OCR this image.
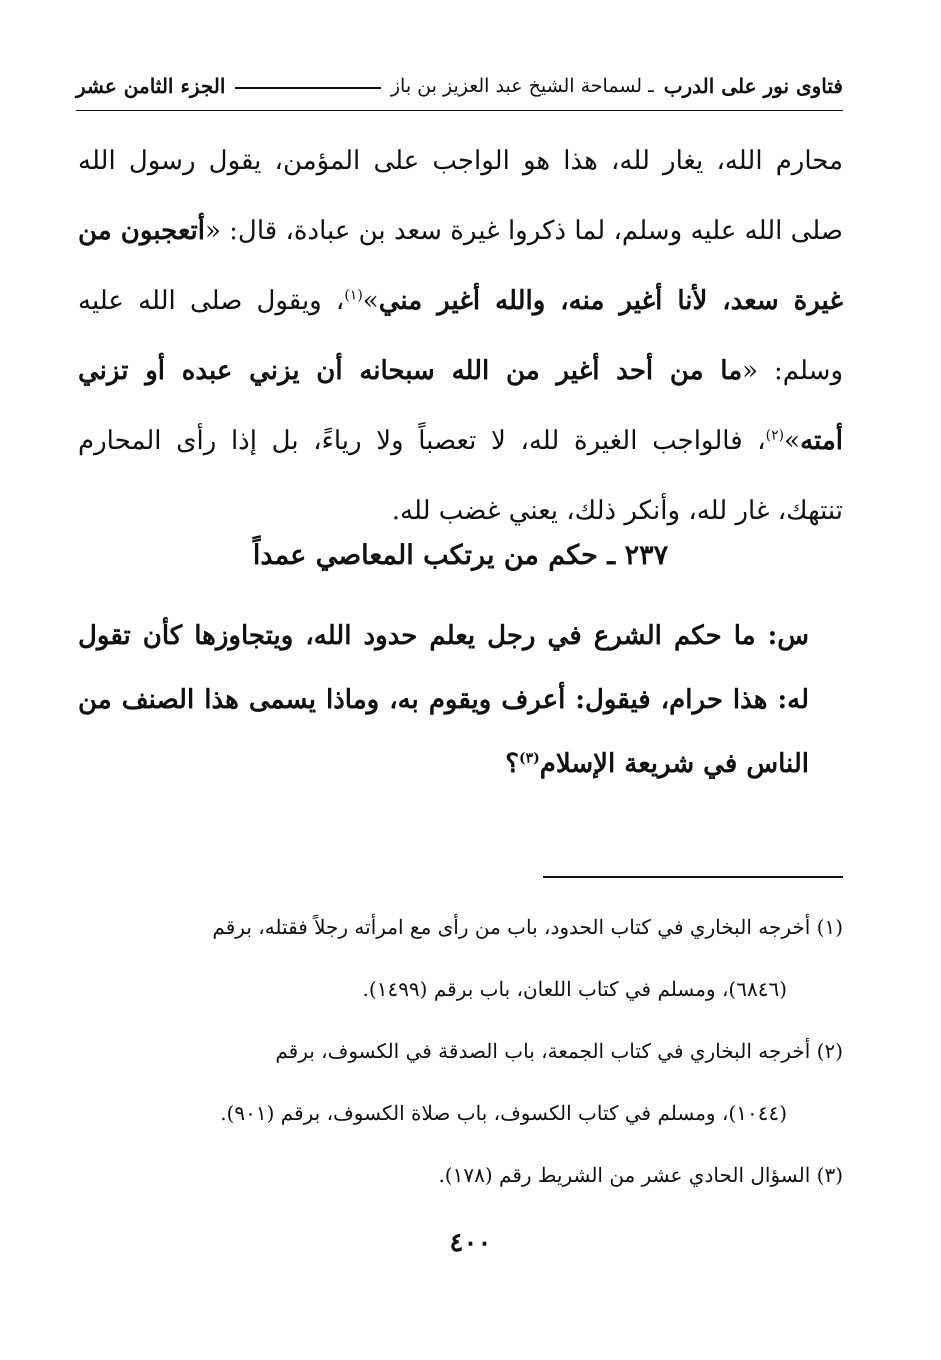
فتاوى نور على الدرب
ـ لسماحة الشيخ عبد العزيز بن باز
الجزء الثامن عشر

محارم الله، يغار لله، هذا هو الواجب على المؤمن، يقول رسول الله صلى الله عليه وسلم، لما ذكروا غيرة سعد بن عبادة، قال: «أتعجبون من غيرة سعد، لأنا أغير منه، والله أغير مني»$^{(١)}$، ويقول صلى الله عليه وسلم: «ما من أحد أغير من الله سبحانه أن يزني عبده أو تزني أمته»$^{(٢)}$، فالواجب الغيرة لله، لا تعصباً ولا رياءً، بل إذا رأى المحارم تنتهك، غار لله، وأنكر ذلك، يعني غضب لله.

٢٣٧ ـ حكم من يرتكب المعاصي عمداً

س: ما حكم الشرع في رجل يعلم حدود الله، ويتجاوزها كأن تقول له: هذا حرام، فيقول: أعرف ويقوم به، وماذا يسمى هذا الصنف من الناس في شريعة الإسلام$^{(٣)}$؟

(١) أخرجه البخاري في كتاب الحدود، باب من رأى مع امرأته رجلاً فقتله، برقم

(٦٨٤٦)، ومسلم في كتاب اللعان، باب برقم (١٤٩٩).

(٢) أخرجه البخاري في كتاب الجمعة، باب الصدقة في الكسوف، برقم

(١٠٤٤)، ومسلم في كتاب الكسوف، باب صلاة الكسوف، برقم (٩٠١).

(٣) السؤال الحادي عشر من الشريط رقم (١٧٨).

٤٠٠
